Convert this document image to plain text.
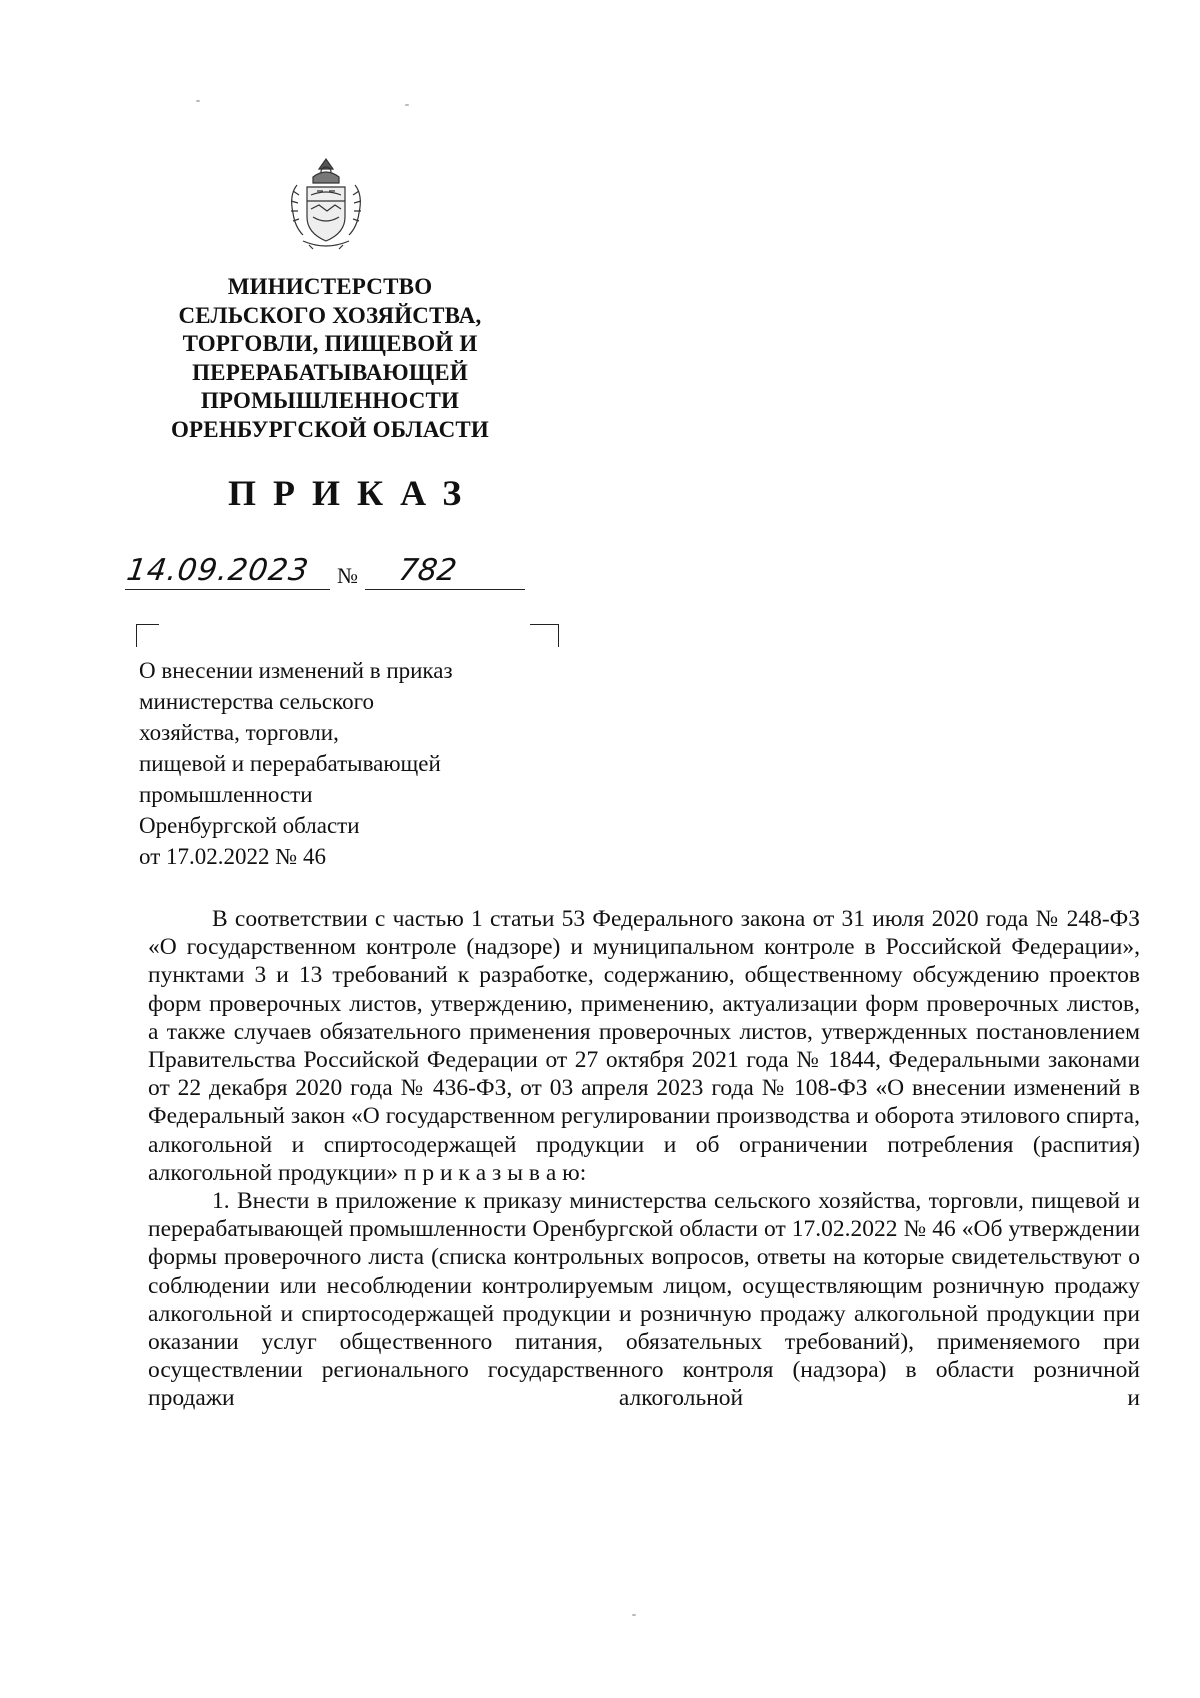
МИНИСТЕРСТВО
СЕЛЬСКОГО ХОЗЯЙСТВА,
ТОРГОВЛИ, ПИЩЕВОЙ И
ПЕРЕРАБАТЫВАЮЩЕЙ
ПРОМЫШЛЕННОСТИ
ОРЕНБУРГСКОЙ ОБЛАСТИ
ПРИКАЗ
14.09.2023	№ 782
О внесении изменений в приказ
министерства сельского
хозяйства, торговли,
пищевой и перерабатывающей
промышленности
Оренбургской области
от 17.02.2022 № 46
В соответствии с частью 1 статьи 53 Федерального закона от 31 июля 2020 года № 248-ФЗ «О государственном контроле (надзоре) и муниципальном контроле в Российской Федерации», пунктами 3 и 13 требований к разработке, содержанию, общественному обсуждению проектов форм проверочных листов, утверждению, применению, актуализации форм проверочных листов, а также случаев обязательного применения проверочных листов, утвержденных постановлением Правительства Российской Федерации от 27 октября 2021 года № 1844, Федеральными законами от 22 декабря 2020 года № 436-ФЗ, от 03 апреля 2023 года № 108-ФЗ «О внесении изменений в Федеральный закон «О государственном регулировании производства и оборота этилового спирта, алкогольной и спиртосодержащей продукции и об ограничении потребления (распития) алкогольной продукции» п р и к а з ы в а ю:
1. Внести в приложение к приказу министерства сельского хозяйства, торговли, пищевой и перерабатывающей промышленности Оренбургской области от 17.02.2022 № 46 «Об утверждении формы проверочного листа (списка контрольных вопросов, ответы на которые свидетельствуют о соблюдении или несоблюдении контролируемым лицом, осуществляющим розничную продажу алкогольной и спиртосодержащей продукции и розничную продажу алкогольной продукции при оказании услуг общественного питания, обязательных требований), применяемого при осуществлении регионального государственного контроля (надзора) в области розничной продажи алкогольной и
